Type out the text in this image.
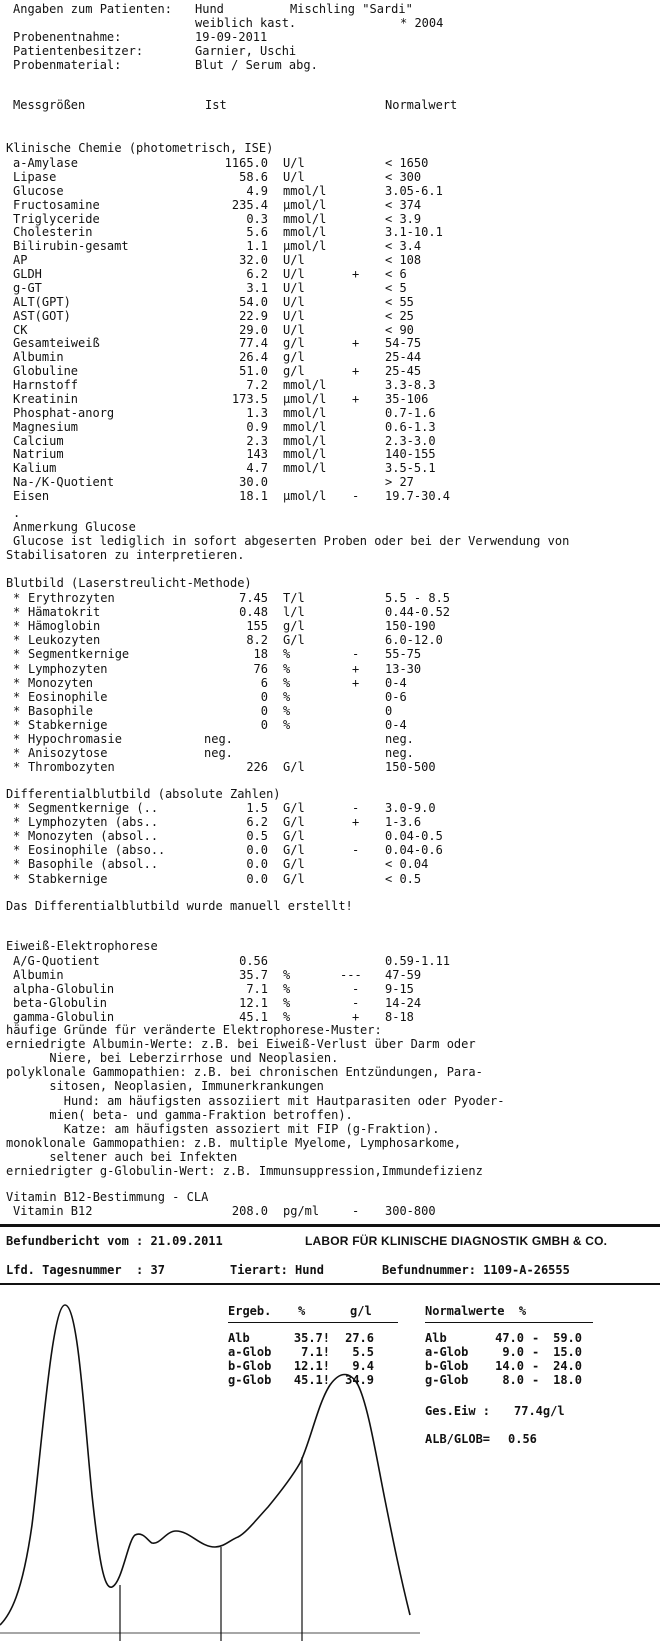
Angaben zum Patienten: Hund	Mischling "Sardi"
weiblich kast.	* 2004
Probenentnahme:	19-09-2011
Patientenbesitzer:	Garnier, Uschi
Probenmaterial:	Blut / Serum abg.
Messgrößen	Ist	Normalwert
Klinische Chemie (photometrisch, ISE)
a-Amylase	1165.0 U/l	< 1650
Lipase	58.6 U/l	< 300
Glucose	4.9 mmol/l	3.05-6.1
Fructosamine	235.4 µmol/l	< 374
Triglyceride	0.3 mmol/l	< 3.9
Cholesterin	5.6 mmol/l	3.1-10.1
Bilirubin-gesamt	1.1 µmol/l	< 3.4
AP	32.0 U/l	< 108
GLDH	6.2 U/l	+ < 6
g-GT	3.1 U/l	< 5
ALT(GPT)	54.0 U/l	< 55
AST(GOT)	22.9 U/l	< 25
CK	29.0 U/l	< 90
Gesamteiweiß	77.4 g/l	+ 54-75
Albumin	26.4 g/l	25-44
Globuline	51.0 g/l	+ 25-45
Harnstoff	7.2 mmol/l	3.3-8.3
Kreatinin	173.5 µmol/l + 35-106
Phosphat-anorg	1.3 mmol/l	0.7-1.6
Magnesium	0.9 mmol/l	0.6-1.3
Calcium	2.3 mmol/l	2.3-3.0
Natrium	143 mmol/l	140-155
Kalium	4.7 mmol/l	3.5-5.1
Na-/K-Quotient	30.0	> 27
Eisen	18.1 µmol/l - 19.7-30.4
.
Anmerkung Glucose
Glucose ist lediglich in sofort abgeserten Proben oder bei der Verwendung von Stabilisatoren zu interpretieren.
Blutbild (Laserstreulicht-Methode)
* Erythrozyten	7.45 T/l	5.5 - 8.5
* Hämatokrit	0.48 l/l	0.44-0.52
* Hämoglobin	155 g/l	150-190
* Leukozyten	8.2 G/l	6.0-12.0
* Segmentkernige	18 %	- 55-75
* Lymphozyten	76 %	+ 13-30
* Monozyten	6 %	+ 0-4
* Eosinophile	0 %	0-6
* Basophile	0 %	0
* Stabkernige	0 %	0-4
* Hypochromasie	neg.	neg.
* Anisozytose	neg.	neg.
* Thrombozyten	226 G/l	150-500
Differentialblutbild (absolute Zahlen)
* Segmentkernige (..	1.5 G/l	- 3.0-9.0
* Lymphozyten (abs..	6.2 G/l	+ 1-3.6
* Monozyten (absol..	0.5 G/l	0.04-0.5
* Eosinophile (abso..	0.0 G/l	- 0.04-0.6
* Basophile (absol..	0.0 G/l	< 0.04
* Stabkernige	0.0 G/l	< 0.5
Das Differentialblutbild wurde manuell erstellt!
Eiweiß-Elektrophorese
A/G-Quotient	0.56	0.59-1.11
Albumin	35.7 %	--- 47-59
alpha-Globulin	7.1 %	- 9-15
beta-Globulin	12.1 %	- 14-24
gamma-Globulin	45.1 %	+ 8-18
häufige Gründe für veränderte Elektrophorese-Muster:
erniedrigte Albumin-Werte: z.B. bei Eiweiß-Verlust über Darm oder
Niere, bei Leberzirrhose und Neoplasien.
polyklonale Gammopathien: z.B. bei chronischen Entzündungen, Para-
sitosen, Neoplasien, Immunerkrankungen
Hund: am häufigsten assoziiert mit Hautparasiten oder Pyoder-
mien( beta- und gamma-Fraktion betroffen).
Katze: am häufigsten assoziert mit FIP (g-Fraktion).
monoklonale Gammopathien: z.B. multiple Myelome, Lymphosarkome,
seltener auch bei Infekten
erniedrigter g-Globulin-Wert: z.B. Immunsuppression,Immundefizienz
Vitamin B12-Bestimmung - CLA
Vitamin B12	208.0 pg/ml	- 300-800
Befundbericht vom : 21.09.2011	LABOR FÜR KLINISCHE DIAGNOSTIK GMBH & CO.
Lfd. Tagesnummer  : 37	Tierart: Hund	Befundnummer: 1109-A-26555
Ergeb. %	g/l
Alb	35.7!	27.6
a-Glob	7.1!	5.5
b-Glob	12.1!	9.4
g-Glob	45.1!	34.9
Normalwerte  %
Alb	47.0 -	59.0
a-Glob	9.0 -	15.0
b-Glob	14.0 -	24.0
g-Glob	8.0 -	18.0
Ges.Eiw : 77.4g/l
ALB/GLOB= 0.56
